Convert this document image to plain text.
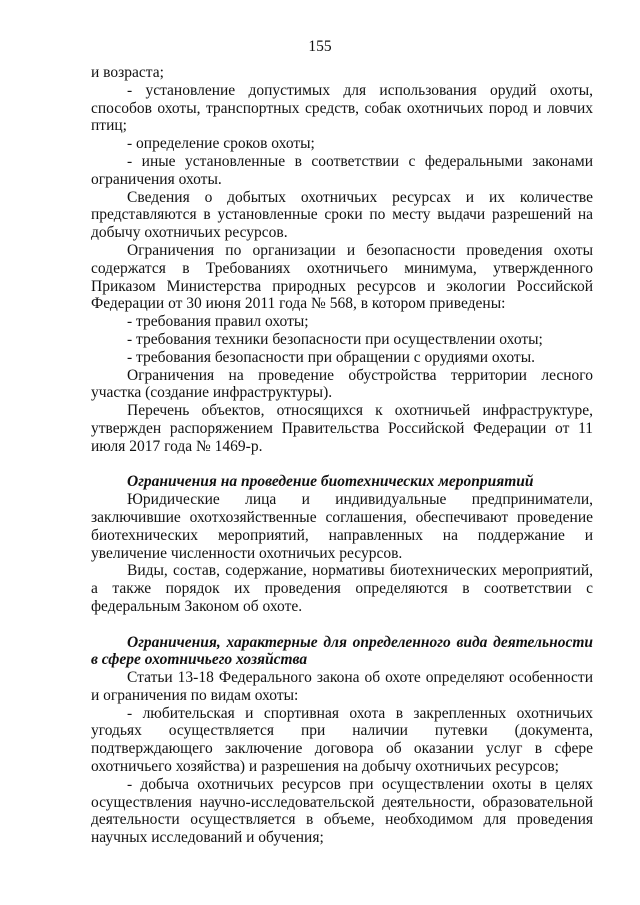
155

и возраста;

- установление допустимых для использования орудий охоты, способов охоты, транспортных средств, собак охотничьих пород и ловчих птиц;

- определение сроков охоты;

- иные установленные в соответствии с федеральными законами ограничения охоты.

Сведения о добытых охотничьих ресурсах и их количестве представляются в установленные сроки по месту выдачи разрешений на добычу охотничьих ресурсов.

Ограничения по организации и безопасности проведения охоты содержатся в Требованиях охотничьего минимума, утвержденного Приказом Министерства природных ресурсов и экологии Российской Федерации от 30 июня 2011 года № 568, в котором приведены:

- требования правил охоты;

- требования техники безопасности при осуществлении охоты;

- требования безопасности при обращении с орудиями охоты.

Ограничения на проведение обустройства территории лесного участка (создание инфраструктуры).

Перечень объектов, относящихся к охотничьей инфраструктуре, утвержден распоряжением Правительства Российской Федерации от 11 июля 2017 года № 1469-р.

Ограничения на проведение биотехнических мероприятий

Юридические лица и индивидуальные предприниматели, заключившие охотхозяйственные соглашения, обеспечивают проведение биотехнических мероприятий, направленных на поддержание и увеличение численности охотничьих ресурсов.

Виды, состав, содержание, нормативы биотехнических мероприятий, а также порядок их проведения определяются в соответствии с федеральным Законом об охоте.

Ограничения, характерные для определенного вида деятельности в сфере охотничьего хозяйства

Статьи 13-18 Федерального закона об охоте определяют особенности и ограничения по видам охоты:

- любительская и спортивная охота в закрепленных охотничьих угодьях осуществляется при наличии путевки (документа, подтверждающего заключение договора об оказании услуг в сфере охотничьего хозяйства) и разрешения на добычу охотничьих ресурсов;

- добыча охотничьих ресурсов при осуществлении охоты в целях осуществления научно-исследовательской деятельности, образовательной деятельности осуществляется в объеме, необходимом для проведения научных исследований и обучения;
